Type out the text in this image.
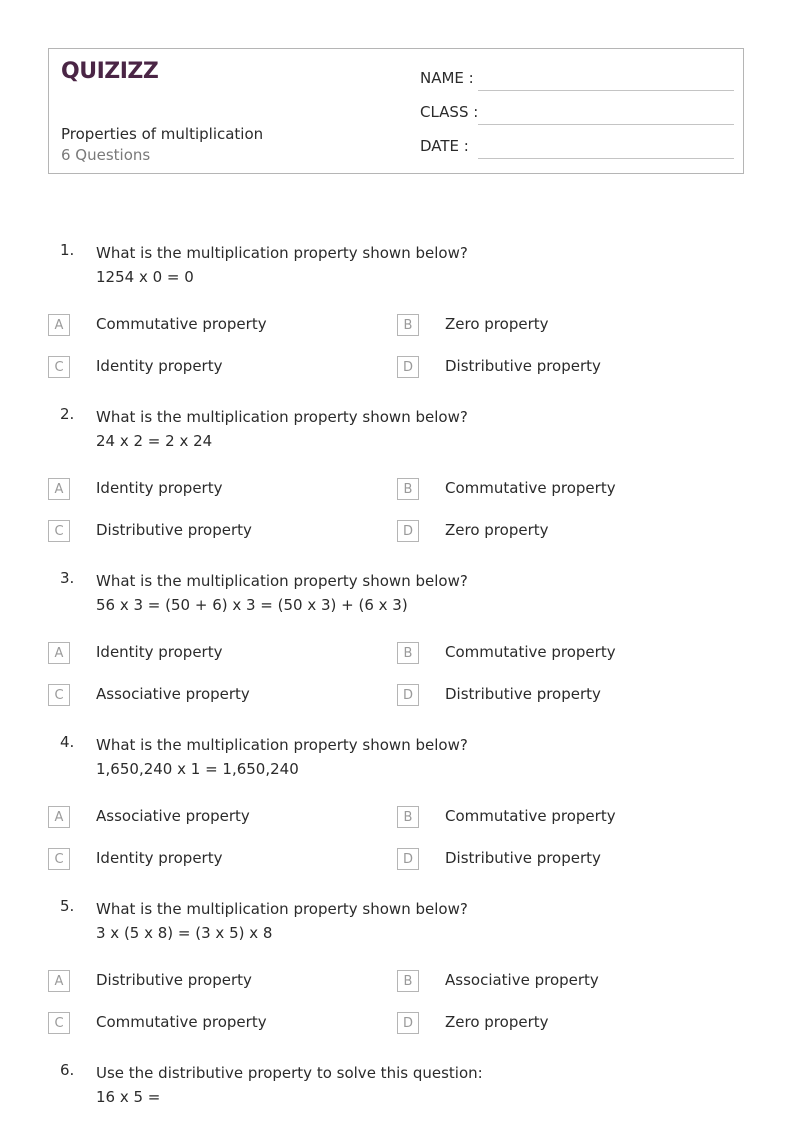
QUIZIZZ
Properties of multiplication
6 Questions
NAME :
CLASS :
DATE :
1. What is the multiplication property shown below?
1254 x 0 = 0
A	Commutative property	B	Zero property
C	Identity property	D	Distributive property
2. What is the multiplication property shown below?
24 x 2 = 2 x 24
A	Identity property	B	Commutative property
C	Distributive property	D	Zero property
3. What is the multiplication property shown below?
56 x 3 = (50 + 6) x 3 = (50 x 3) + (6 x 3)
A	Identity property	B	Commutative property
C	Associative property	D	Distributive property
4. What is the multiplication property shown below?
1,650,240 x 1 = 1,650,240
A	Associative property	B	Commutative property
C	Identity property	D	Distributive property
5. What is the multiplication property shown below?
3 x (5 x 8) = (3 x 5) x 8
A	Distributive property	B	Associative property
C	Commutative property	D	Zero property
6. Use the distributive property to solve this question:
16 x 5 =
